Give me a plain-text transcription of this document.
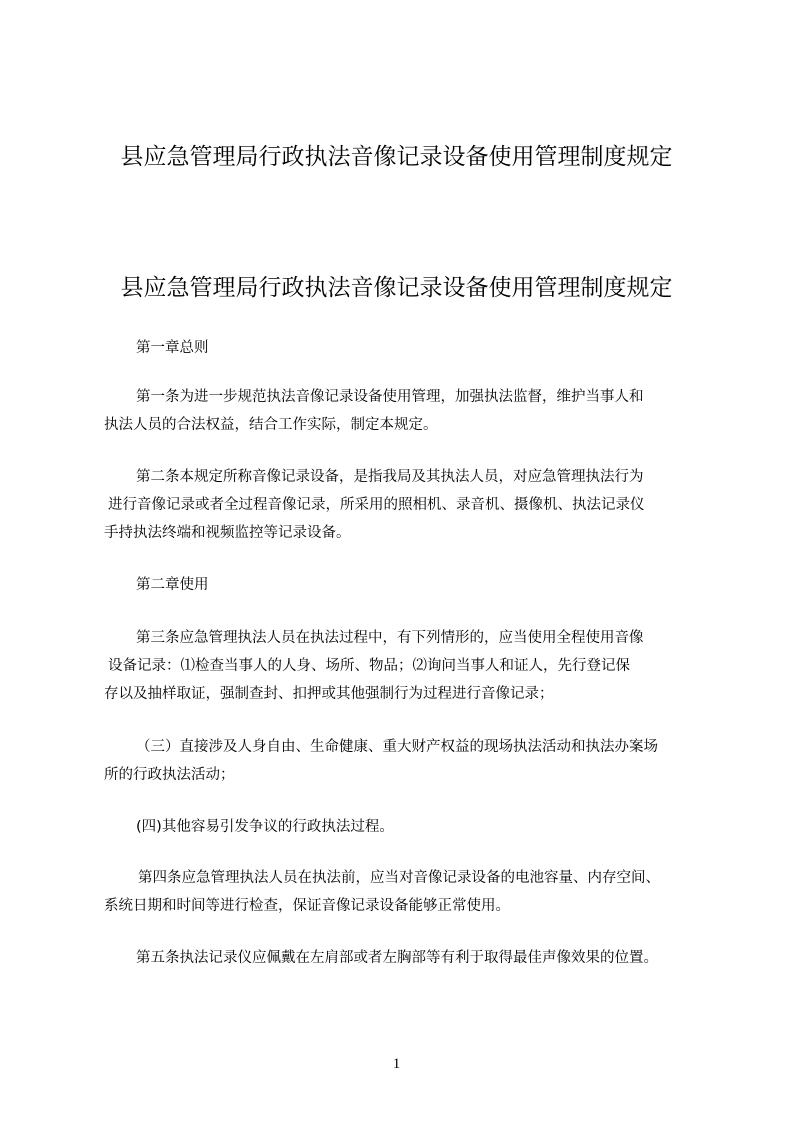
县应急管理局行政执法音像记录设备使用管理制度规定
县应急管理局行政执法音像记录设备使用管理制度规定

第一章总则

第一条为进一步规范执法音像记录设备使用管理，加强执法监督，维护当事人和
执法人员的合法权益，结合工作实际，制定本规定。

第二条本规定所称音像记录设备，是指我局及其执法人员，对应急管理执法行为
进行音像记录或者全过程音像记录，所采用的照相机、录音机、摄像机、执法记录仪
手持执法终端和视频监控等记录设备。

第二章使用

第三条应急管理执法人员在执法过程中，有下列情形的，应当使用全程使用音像
设备记录：⑴检查当事人的人身、场所、物品；⑵询问当事人和证人，先行登记保
存以及抽样取证，强制查封、扣押或其他强制行为过程进行音像记录；

（三）直接涉及人身自由、生命健康、重大财产权益的现场执法活动和执法办案场
所的行政执法活动；

(四)其他容易引发争议的行政执法过程。

第四条应急管理执法人员在执法前，应当对音像记录设备的电池容量、内存空间、
系统日期和时间等进行检查，保证音像记录设备能够正常使用。

第五条执法记录仪应佩戴在左肩部或者左胸部等有利于取得最佳声像效果的位置。

1
